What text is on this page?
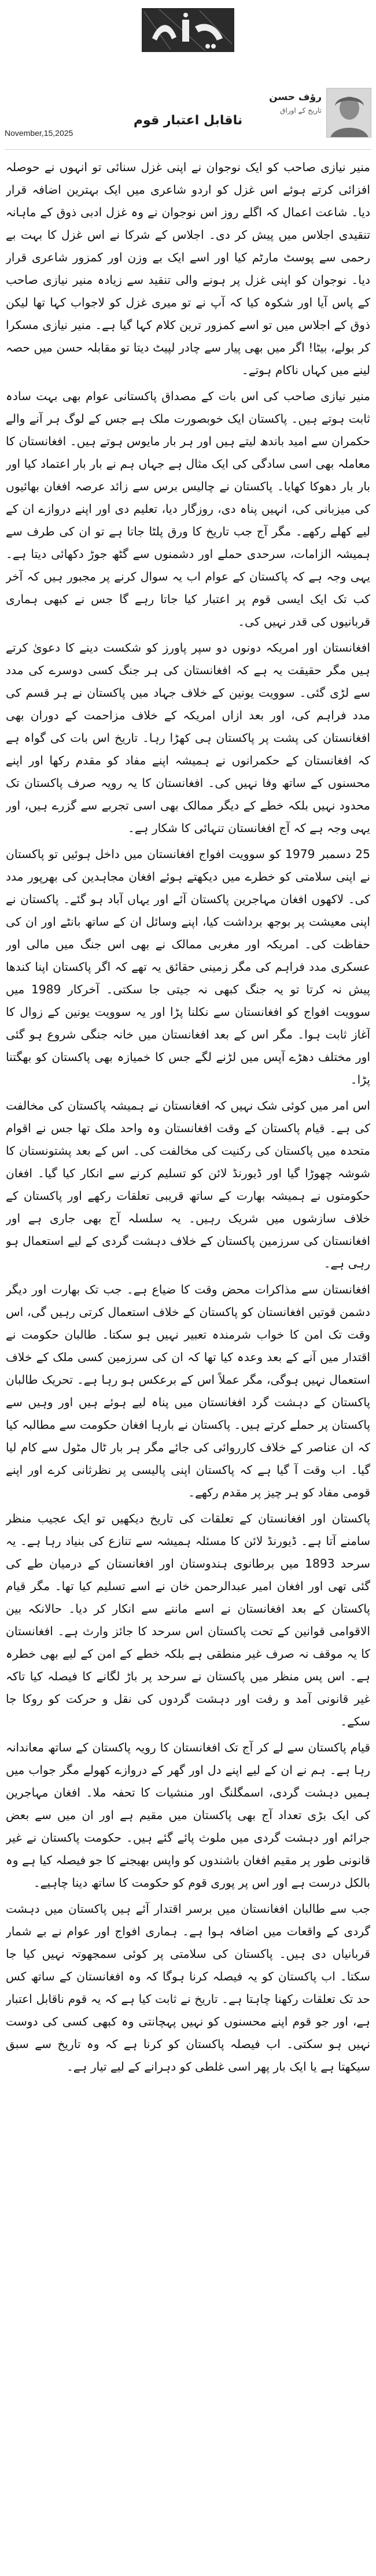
رؤف حسن
تاریخ کے اوراق
ناقابل اعتبار قوم
November,15,2025

منیر نیازی صاحب کو ایک نوجوان نے اپنی غزل سنائی تو انہوں نے حوصلہ افزائی کرتے ہوئے اس غزل کو اردو شاعری میں ایک بہترین اضافہ قرار دیا۔ شاعت اعمال کہ اگلے روز اس نوجوان نے وہ غزل ادبی ذوق کے ماہانہ تنقیدی اجلاس میں پیش کر دی۔ اجلاس کے شرکا نے اس غزل کا بہت بے رحمی سے پوسٹ مارٹم کیا اور اسے ایک بے وزن اور کمزور شاعری قرار دیا۔ نوجوان کو اپنی غزل پر ہونے والی تنقید سے زیادہ منیر نیازی صاحب کے پاس آیا اور شکوہ کیا کہ آپ نے تو میری غزل کو لاجواب کہا تھا لیکن ذوق کے اجلاس میں تو اسے کمزور ترین کلام کہا گیا ہے۔ منیر نیازی مسکرا کر بولے، بیٹا! اگر میں بھی پیار سے چادر لپیٹ دیتا تو مقابلہ حسن میں حصہ لینے میں کہاں ناکام ہوتے۔

منیر نیازی صاحب کی اس بات کے مصداق پاکستانی عوام بھی بہت سادہ ثابت ہوتے ہیں۔ پاکستان ایک خوبصورت ملک ہے جس کے لوگ ہر آنے والے حکمران سے امید باندھ لیتے ہیں اور ہر بار مایوس ہوتے ہیں۔ افغانستان کا معاملہ بھی اسی سادگی کی ایک مثال ہے جہاں ہم نے بار بار اعتماد کیا اور بار بار دھوکا کھایا۔ پاکستان نے چالیس برس سے زائد عرصہ افغان بھائیوں کی میزبانی کی، انہیں پناہ دی، روزگار دیا، تعلیم دی اور اپنے دروازے ان کے لیے کھلے رکھے۔ مگر آج جب تاریخ کا ورق پلٹا جاتا ہے تو ان کی طرف سے ہمیشہ الزامات، سرحدی حملے اور دشمنوں سے گٹھ جوڑ دکھائی دیتا ہے۔ یہی وجہ ہے کہ پاکستان کے عوام اب یہ سوال کرنے پر مجبور ہیں کہ آخر کب تک ایک ایسی قوم پر اعتبار کیا جاتا رہے گا جس نے کبھی ہماری قربانیوں کی قدر نہیں کی۔

افغانستان اور امریکہ دونوں دو سپر پاورز کو شکست دینے کا دعویٰ کرتے ہیں مگر حقیقت یہ ہے کہ افغانستان کی ہر جنگ کسی دوسرے کی مدد سے لڑی گئی۔ سوویت یونین کے خلاف جہاد میں پاکستان نے ہر قسم کی مدد فراہم کی، اور بعد ازاں امریکہ کے خلاف مزاحمت کے دوران بھی افغانستان کی پشت پر پاکستان ہی کھڑا رہا۔ تاریخ اس بات کی گواہ ہے کہ افغانستان کے حکمرانوں نے ہمیشہ اپنے مفاد کو مقدم رکھا اور اپنے محسنوں کے ساتھ وفا نہیں کی۔ افغانستان کا یہ رویہ صرف پاکستان تک محدود نہیں بلکہ خطے کے دیگر ممالک بھی اسی تجربے سے گزرے ہیں، اور یہی وجہ ہے کہ آج افغانستان تنہائی کا شکار ہے۔

25 دسمبر 1979 کو سوویت افواج افغانستان میں داخل ہوئیں تو پاکستان نے اپنی سلامتی کو خطرے میں دیکھتے ہوئے افغان مجاہدین کی بھرپور مدد کی۔ لاکھوں افغان مہاجرین پاکستان آئے اور یہاں آباد ہو گئے۔ پاکستان نے اپنی معیشت پر بوجھ برداشت کیا، اپنے وسائل ان کے ساتھ بانٹے اور ان کی حفاظت کی۔ امریکہ اور مغربی ممالک نے بھی اس جنگ میں مالی اور عسکری مدد فراہم کی مگر زمینی حقائق یہ تھے کہ اگر پاکستان اپنا کندھا پیش نہ کرتا تو یہ جنگ کبھی نہ جیتی جا سکتی۔ آخرکار 1989 میں سوویت افواج کو افغانستان سے نکلنا پڑا اور یہ سوویت یونین کے زوال کا آغاز ثابت ہوا۔ مگر اس کے بعد افغانستان میں خانہ جنگی شروع ہو گئی اور مختلف دھڑے آپس میں لڑنے لگے جس کا خمیازہ بھی پاکستان کو بھگتنا پڑا۔

اس امر میں کوئی شک نہیں کہ افغانستان نے ہمیشہ پاکستان کی مخالفت کی ہے۔ قیام پاکستان کے وقت افغانستان وہ واحد ملک تھا جس نے اقوام متحدہ میں پاکستان کی رکنیت کی مخالفت کی۔ اس کے بعد پشتونستان کا شوشہ چھوڑا گیا اور ڈیورنڈ لائن کو تسلیم کرنے سے انکار کیا گیا۔ افغان حکومتوں نے ہمیشہ بھارت کے ساتھ قریبی تعلقات رکھے اور پاکستان کے خلاف سازشوں میں شریک رہیں۔ یہ سلسلہ آج بھی جاری ہے اور افغانستان کی سرزمین پاکستان کے خلاف دہشت گردی کے لیے استعمال ہو رہی ہے۔

افغانستان سے مذاکرات محض وقت کا ضیاع ہے۔ جب تک بھارت اور دیگر دشمن قوتیں افغانستان کو پاکستان کے خلاف استعمال کرتی رہیں گی، اس وقت تک امن کا خواب شرمندہ تعبیر نہیں ہو سکتا۔ طالبان حکومت نے اقتدار میں آنے کے بعد وعدہ کیا تھا کہ ان کی سرزمین کسی ملک کے خلاف استعمال نہیں ہوگی، مگر عملاً اس کے برعکس ہو رہا ہے۔ تحریک طالبان پاکستان کے دہشت گرد افغانستان میں پناہ لیے ہوئے ہیں اور وہیں سے پاکستان پر حملے کرتے ہیں۔ پاکستان نے بارہا افغان حکومت سے مطالبہ کیا کہ ان عناصر کے خلاف کارروائی کی جائے مگر ہر بار ٹال مٹول سے کام لیا گیا۔ اب وقت آ گیا ہے کہ پاکستان اپنی پالیسی پر نظرثانی کرے اور اپنے قومی مفاد کو ہر چیز پر مقدم رکھے۔

پاکستان اور افغانستان کے تعلقات کی تاریخ دیکھیں تو ایک عجیب منظر سامنے آتا ہے۔ ڈیورنڈ لائن کا مسئلہ ہمیشہ سے تنازع کی بنیاد رہا ہے۔ یہ سرحد 1893 میں برطانوی ہندوستان اور افغانستان کے درمیان طے کی گئی تھی اور افغان امیر عبدالرحمن خان نے اسے تسلیم کیا تھا۔ مگر قیام پاکستان کے بعد افغانستان نے اسے ماننے سے انکار کر دیا۔ حالانکہ بین الاقوامی قوانین کے تحت پاکستان اس سرحد کا جائز وارث ہے۔ افغانستان کا یہ موقف نہ صرف غیر منطقی ہے بلکہ خطے کے امن کے لیے بھی خطرہ ہے۔ اس پس منظر میں پاکستان نے سرحد پر باڑ لگانے کا فیصلہ کیا تاکہ غیر قانونی آمد و رفت اور دہشت گردوں کی نقل و حرکت کو روکا جا سکے۔

قیام پاکستان سے لے کر آج تک افغانستان کا رویہ پاکستان کے ساتھ معاندانہ رہا ہے۔ ہم نے ان کے لیے اپنے دل اور گھر کے دروازے کھولے مگر جواب میں ہمیں دہشت گردی، اسمگلنگ اور منشیات کا تحفہ ملا۔ افغان مہاجرین کی ایک بڑی تعداد آج بھی پاکستان میں مقیم ہے اور ان میں سے بعض جرائم اور دہشت گردی میں ملوث پائے گئے ہیں۔ حکومت پاکستان نے غیر قانونی طور پر مقیم افغان باشندوں کو واپس بھیجنے کا جو فیصلہ کیا ہے وہ بالکل درست ہے اور اس پر پوری قوم کو حکومت کا ساتھ دینا چاہیے۔

جب سے طالبان افغانستان میں برسر اقتدار آئے ہیں پاکستان میں دہشت گردی کے واقعات میں اضافہ ہوا ہے۔ ہماری افواج اور عوام نے بے شمار قربانیاں دی ہیں۔ پاکستان کی سلامتی پر کوئی سمجھوتہ نہیں کیا جا سکتا۔ اب پاکستان کو یہ فیصلہ کرنا ہوگا کہ وہ افغانستان کے ساتھ کس حد تک تعلقات رکھنا چاہتا ہے۔ تاریخ نے ثابت کیا ہے کہ یہ قوم ناقابل اعتبار ہے، اور جو قوم اپنے محسنوں کو نہیں پہچانتی وہ کبھی کسی کی دوست نہیں ہو سکتی۔ اب فیصلہ پاکستان کو کرنا ہے کہ وہ تاریخ سے سبق سیکھتا ہے یا ایک بار پھر اسی غلطی کو دہرانے کے لیے تیار ہے۔
